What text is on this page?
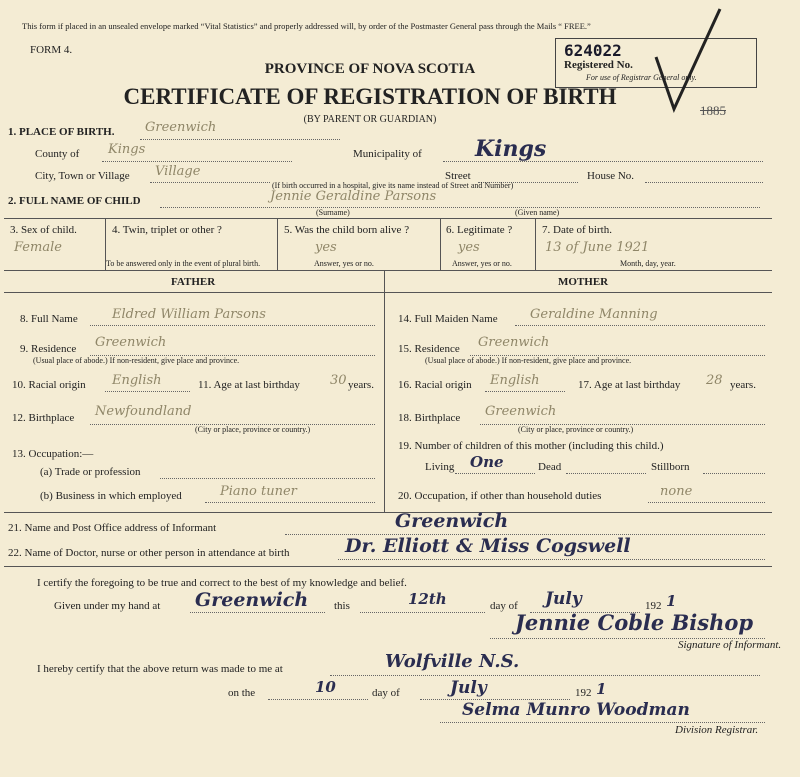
This form if placed in an unsealed envelope marked “Vital Statistics” and properly addressed will, by order of the Postmaster General pass through the Mails “ FREE.”
FORM 4.
PROVINCE OF NOVA SCOTIA
CERTIFICATE OF REGISTRATION OF BIRTH
(BY PARENT OR GUARDIAN)
624022
Registered No.
For use of Registrar General only.
1885
1. PLACE OF BIRTH. Greenwich
County of Kings	Municipality of Kings
City, Town or Village Village	Street	House No.
(If birth occurred in a hospital, give its name instead of Street and Number)
2. FULL NAME OF CHILD	Jennie Geraldine Parsons
(Surname)	(Given name)
3. Sex of child.
Female
4. Twin, triplet or other ?
To be answered only in the event of plural birth.
5. Was the child born alive ?
yes
Answer, yes or no.
6. Legitimate ?
yes
Answer, yes or no.
7. Date of birth.
13 of June 1921
Month, day, year.
FATHER	MOTHER
8. Full Name	Eldred William Parsons
9. Residence Greenwich
(Usual place of abode.) If non-resident, give place and province.
10. Racial origin English	11. Age at last birthday 30 years.
12. Birthplace Newfoundland
(City or place, province or country.)
13. Occupation:—
(a) Trade or profession
(b) Business in which employed	Piano tuner
14. Full Maiden Name Geraldine Manning
15. Residence Greenwich
(Usual place of abode.) If non-resident, give place and province.
16. Racial origin English	17. Age at last birthday 28 years.
18. Birthplace Greenwich
(City or place, province or country.)
19. Number of children of this mother (including this child.)
Living One	Dead	Stillborn
20. Occupation, if other than household duties	none
21. Name and Post Office address of Informant	Greenwich
22. Name of Doctor, nurse or other person in attendance at birth	Dr. Elliott & Miss Cogswell
I certify the foregoing to be true and correct to the best of my knowledge and belief.
Given under my hand at Greenwich this	12th	day of July	192 1
Jennie Coble Bishop
Signature of Informant.
I hereby certify that the above return was made to me at	Wolfville N.S.
on the	10	day of	July	192 1
Selma Munro Woodman
Division Registrar.
